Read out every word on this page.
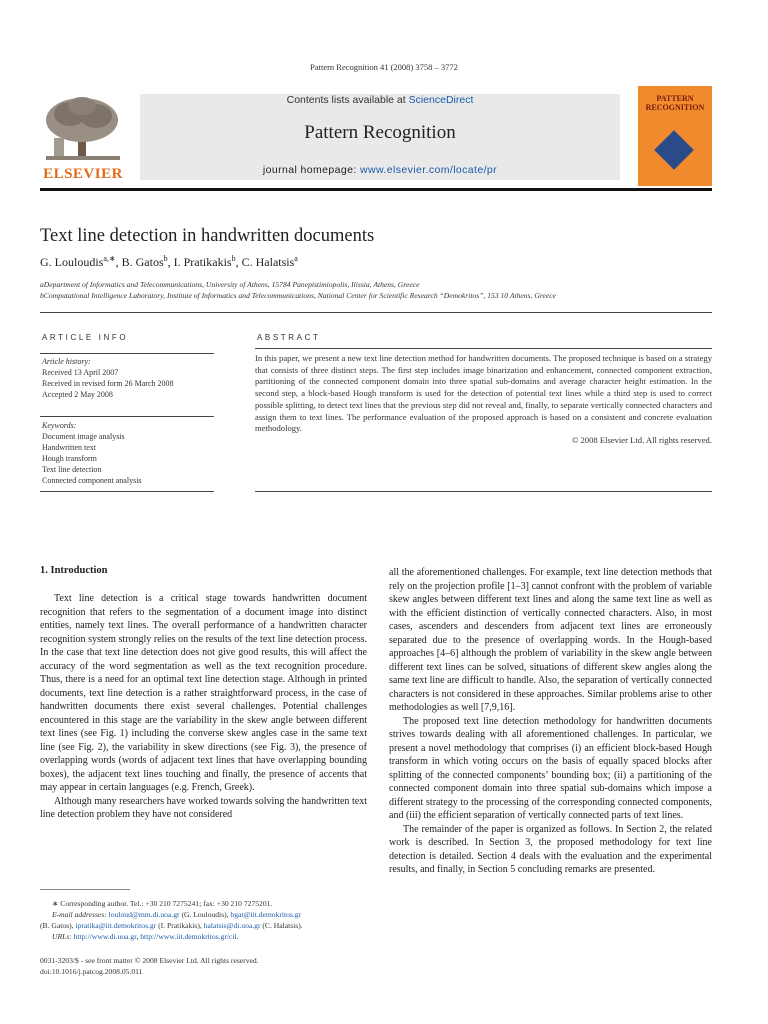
Pattern Recognition 41 (2008) 3758 – 3772
ELSEVIER
Contents lists available at ScienceDirect
Pattern Recognition
journal homepage: www.elsevier.com/locate/pr
PATTERN
RECOGNITION
Text line detection in handwritten documents
G. Louloudis$^{a,∗}$, B. Gatos$^b$, I. Pratikakis$^b$, C. Halatsis$^a$
aDepartment of Informatics and Telecommunications, University of Athens, 15784 Panepistimiopolis, Ilissia, Athens, Greece
bComputational Intelligence Laboratory, Institute of Informatics and Telecommunications, National Center for Scientific Research “Demokritos”, 153 10 Athens, Greece
ARTICLE INFO
Article history:
Received 13 April 2007
Received in revised form 26 March 2008
Accepted 2 May 2008
Keywords:
Document image analysis
Handwritten text
Hough transform
Text line detection
Connected component analysis
ABSTRACT
In this paper, we present a new text line detection method for handwritten documents. The proposed technique is based on a strategy that consists of three distinct steps. The first step includes image binarization and enhancement, connected component extraction, partitioning of the connected component domain into three spatial sub-domains and average character height estimation. In the second step, a block-based Hough transform is used for the detection of potential text lines while a third step is used to correct possible splitting, to detect text lines that the previous step did not reveal and, finally, to separate vertically connected characters and assign them to text lines. The performance evaluation of the proposed approach is based on a consistent and concrete evaluation methodology.
© 2008 Elsevier Ltd. All rights reserved.
1. Introduction

Text line detection is a critical stage towards handwritten document recognition that refers to the segmentation of a document image into distinct entities, namely text lines. The overall performance of a handwritten character recognition system strongly relies on the results of the text line detection process. In the case that text line detection does not give good results, this will affect the accuracy of the word segmentation as well as the text recognition procedure. Thus, there is a need for an optimal text line detection stage. Although in printed documents, text line detection is a rather straightforward process, in the case of handwritten documents there exist several challenges. Potential challenges encountered in this stage are the variability in the skew angle between different text lines (see Fig. 1) including the converse skew angles case in the same text line (see Fig. 2), the variability in skew directions (see Fig. 3), the presence of overlapping words (words of adjacent text lines that have overlapping bounding boxes), the adjacent text lines touching and finally, the presence of accents that may appear in certain languages (e.g. French, Greek).

Although many researchers have worked towards solving the handwritten text line detection problem they have not considered

all the aforementioned challenges. For example, text line detection methods that rely on the projection profile [1–3] cannot confront with the problem of variable skew angles between different text lines and along the same text line as well as with the efficient distinction of vertically connected characters. Also, in most cases, ascenders and descenders from adjacent text lines are erroneously separated due to the presence of overlapping words. In the Hough-based approaches [4–6] although the problem of variability in the skew angle between different text lines can be solved, situations of different skew angles along the same text line are difficult to handle. Also, the separation of vertically connected characters is not considered in these approaches. Similar problems arise to other methodologies as well [7,9,16].

The proposed text line detection methodology for handwritten documents strives towards dealing with all aforementioned challenges. In particular, we present a novel methodology that comprises (i) an efficient block-based Hough transform in which voting occurs on the basis of equally spaced blocks after splitting of the connected components’ bounding box; (ii) a partitioning of the connected component domain into three spatial sub-domains which impose a different strategy to the processing of the corresponding connected components, and (iii) the efficient separation of vertically connected parts of text lines.

The remainder of the paper is organized as follows. In Section 2, the related work is described. In Section 3, the proposed methodology for text line detection is detailed. Section 4 deals with the evaluation and the experimental results, and finally, in Section 5 concluding remarks are presented.

∗ Corresponding author. Tel.: +30 210 7275241; fax: +30 210 7275201.
E-mail addresses: louloud@mm.di.uoa.gr (G. Louloudis), bgat@iit.demokritos.gr
(B. Gatos), ipratika@iit.demokritos.gr (I. Pratikakis), halatsis@di.uoa.gr (C. Halatsis).
URLs: http://www.di.uoa.gr, http://www.iit.demokritos.gr/cil.
0031-3203/$ - see front matter © 2008 Elsevier Ltd. All rights reserved.
doi:10.1016/j.patcog.2008.05.011
